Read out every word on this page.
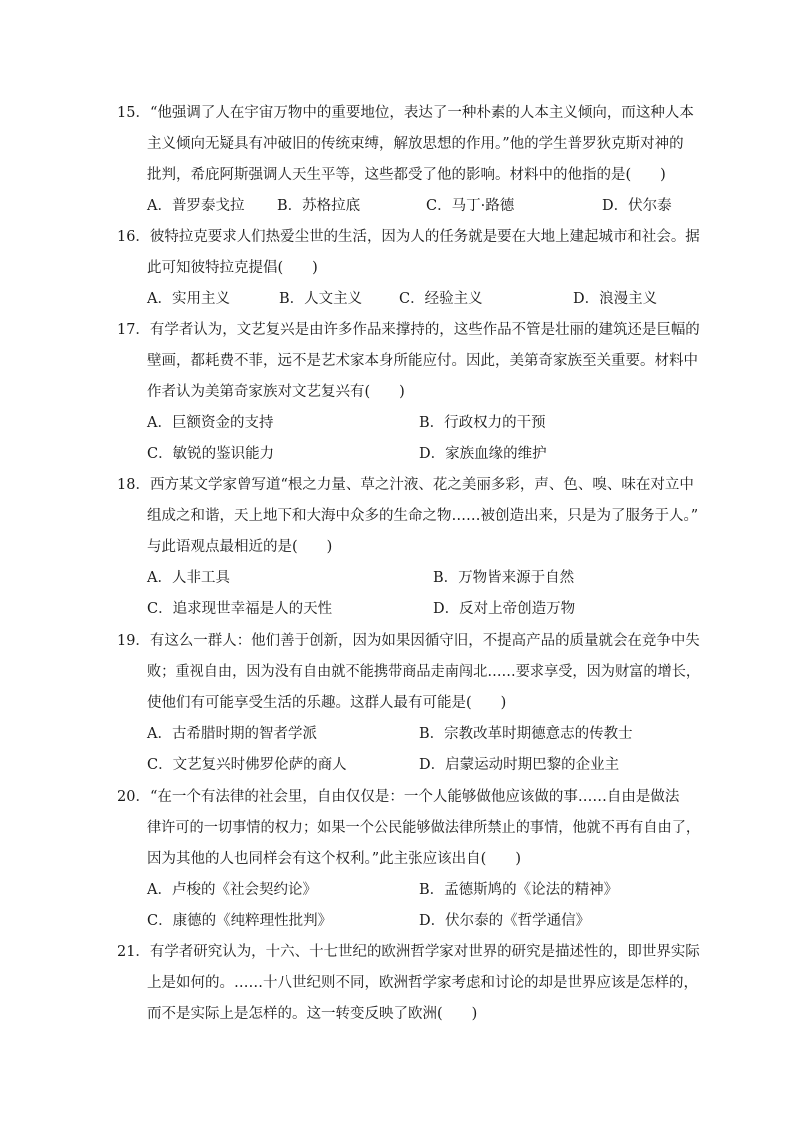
15．“他强调了人在宇宙万物中的重要地位，表达了一种朴素的人本主义倾向，而这种人本
主义倾向无疑具有冲破旧的传统束缚，解放思想的作用。”他的学生普罗狄克斯对神的
批判，希庇阿斯强调人天生平等，这些都受了他的影响。材料中的他指的是(　　)
A．普罗泰戈拉 B．苏格拉底	C．马丁·路德	D．伏尔泰
16．彼特拉克要求人们热爱尘世的生活，因为人的任务就是要在大地上建起城市和社会。据
此可知彼特拉克提倡(　　)
A．实用主义	B．人文主义	C．经验主义	D．浪漫主义
17．有学者认为，文艺复兴是由许多作品来撑持的，这些作品不管是壮丽的建筑还是巨幅的
壁画，都耗费不菲，远不是艺术家本身所能应付。因此，美第奇家族至关重要。材料中
作者认为美第奇家族对文艺复兴有(　　)
A．巨额资金的支持	B．行政权力的干预
C．敏锐的鉴识能力	D．家族血缘的维护
18．西方某文学家曾写道“根之力量、草之汁液、花之美丽多彩，声、色、嗅、味在对立中
组成之和谐，天上地下和大海中众多的生命之物……被创造出来，只是为了服务于人。”
与此语观点最相近的是(　　)
A．人非工具	B．万物皆来源于自然
C．追求现世幸福是人的天性	D．反对上帝创造万物
19．有这么一群人：他们善于创新，因为如果因循守旧，不提高产品的质量就会在竞争中失
败；重视自由，因为没有自由就不能携带商品走南闯北……要求享受，因为财富的增长，
使他们有可能享受生活的乐趣。这群人最有可能是(　　)
A．古希腊时期的智者学派	B．宗教改革时期德意志的传教士
C．文艺复兴时佛罗伦萨的商人	D．启蒙运动时期巴黎的企业主
20．“在一个有法律的社会里，自由仅仅是：一个人能够做他应该做的事……自由是做法
律许可的一切事情的权力；如果一个公民能够做法律所禁止的事情，他就不再有自由了，
因为其他的人也同样会有这个权利。”此主张应该出自(　　)
A．卢梭的《社会契约论》	B．孟德斯鸠的《论法的精神》
C．康德的《纯粹理性批判》	D．伏尔泰的《哲学通信》
21．有学者研究认为，十六、十七世纪的欧洲哲学家对世界的研究是描述性的，即世界实际
上是如何的。……十八世纪则不同，欧洲哲学家考虑和讨论的却是世界应该是怎样的，
而不是实际上是怎样的。这一转变反映了欧洲(　　)
